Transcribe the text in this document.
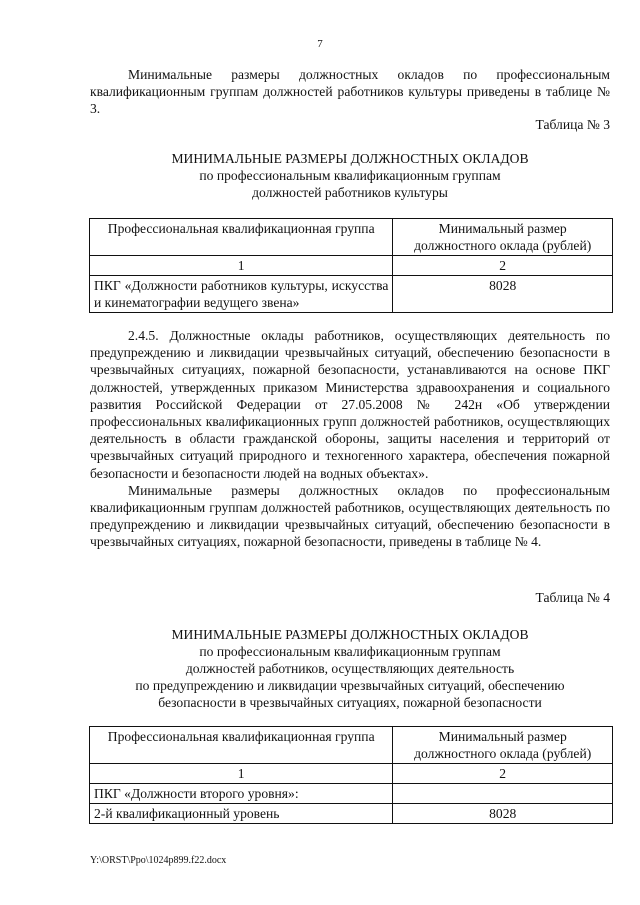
7

Минимальные размеры должностных окладов по профессиональным квалификационным группам должностей работников культуры приведены в таблице № 3.

Таблица № 3
МИНИМАЛЬНЫЕ РАЗМЕРЫ ДОЛЖНОСТНЫХ ОКЛАДОВ
по профессиональным квалификационным группам
должностей работников культуры
Профессиональная квалификационная группа	Минимальный размер должностного оклада (рублей)
1	2
ПКГ «Должности работников культуры, искусства и кинематографии ведущего звена»	8028

2.4.5. Должностные оклады работников, осуществляющих деятельность по предупреждению и ликвидации чрезвычайных ситуаций, обеспечению безопасности в чрезвычайных ситуациях, пожарной безопасности, устанавливаются на основе ПКГ должностей, утвержденных приказом Министерства здравоохранения и социального развития Российской Федерации от 27.05.2008 № 242н «Об утверждении профессиональных квалификационных групп должностей работников, осуществляющих деятельность в области гражданской обороны, защиты населения и территорий от чрезвычайных ситуаций природного и техногенного характера, обеспечения пожарной безопасности и безопасности людей на водных объектах».

Минимальные размеры должностных окладов по профессиональным квалификационным группам должностей работников, осуществляющих деятельность по предупреждению и ликвидации чрезвычайных ситуаций, обеспечению безопасности в чрезвычайных ситуациях, пожарной безопасности, приведены в таблице № 4.

Таблица № 4
МИНИМАЛЬНЫЕ РАЗМЕРЫ ДОЛЖНОСТНЫХ ОКЛАДОВ
по профессиональным квалификационным группам
должностей работников, осуществляющих деятельность
по предупреждению и ликвидации чрезвычайных ситуаций, обеспечению
безопасности в чрезвычайных ситуациях, пожарной безопасности
Профессиональная квалификационная группа	Минимальный размер должностного оклада (рублей)
1	2
ПКГ «Должности второго уровня»:	
2-й квалификационный уровень	8028
Y:\ORST\Ppo\1024p899.f22.docx
